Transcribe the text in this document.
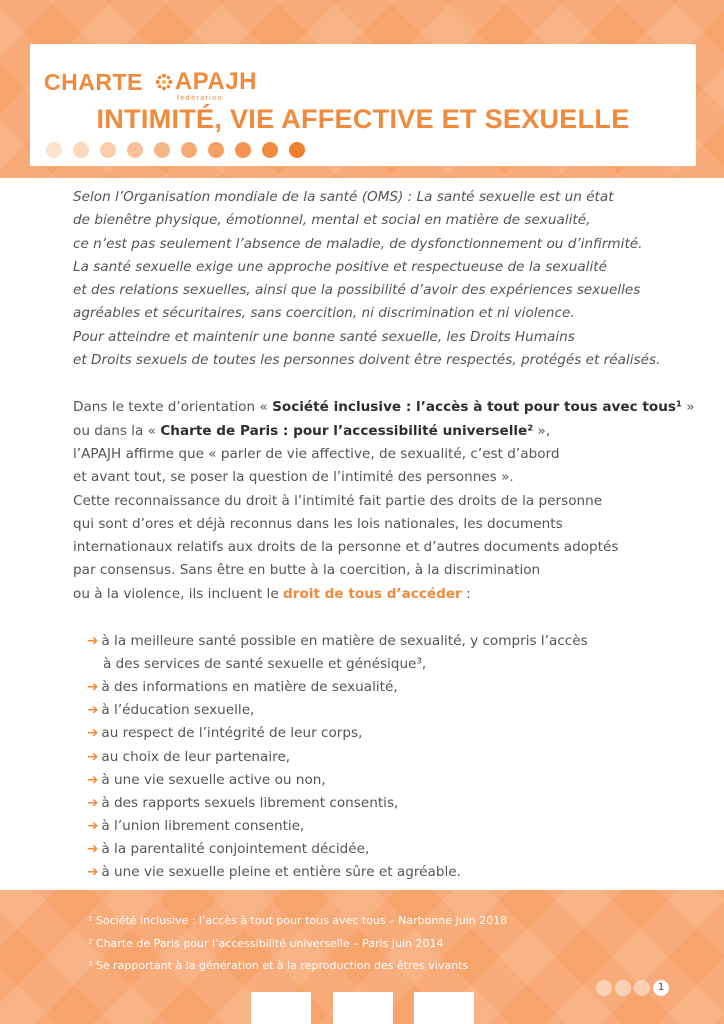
CHARTE APAJH
fédération
INTIMITÉ, VIE AFFECTIVE ET SEXUELLE

Selon l’Organisation mondiale de la santé (OMS) : La santé sexuelle est un état

de bienêtre physique, émotionnel, mental et social en matière de sexualité,

ce n’est pas seulement l’absence de maladie, de dysfonctionnement ou d’infirmité.

La santé sexuelle exige une approche positive et respectueuse de la sexualité

et des relations sexuelles, ainsi que la possibilité d’avoir des expériences sexuelles

agréables et sécuritaires, sans coercition, ni discrimination et ni violence.

Pour atteindre et maintenir une bonne santé sexuelle, les Droits Humains

et Droits sexuels de toutes les personnes doivent être respectés, protégés et réalisés.

Dans le texte d’orientation « Société inclusive : l’accès à tout pour tous avec tous¹ »

ou dans la « Charte de Paris : pour l’accessibilité universelle² »,

l’APAJH affirme que « parler de vie affective, de sexualité, c’est d’abord

et avant tout, se poser la question de l’intimité des personnes ».

Cette reconnaissance du droit à l’intimité fait partie des droits de la personne

qui sont d’ores et déjà reconnus dans les lois nationales, les documents

internationaux relatifs aux droits de la personne et d’autres documents adoptés

par consensus. Sans être en butte à la coercition, à la discrimination

ou à la violence, ils incluent le droit de tous d’accéder :

➔ à la meilleure santé possible en matière de sexualité, y compris l’accès
à des services de santé sexuelle et génésique³,
➔ à des informations en matière de sexualité,
➔ à l’éducation sexuelle,
➔ au respect de l’intégrité de leur corps,
➔ au choix de leur partenaire,
➔ à une vie sexuelle active ou non,
➔ à des rapports sexuels librement consentis,
➔ à l’union librement consentie,
➔ à la parentalité conjointement décidée,
➔ à une vie sexuelle pleine et entière sûre et agréable.

¹ Société inclusive : l’accès à tout pour tous avec tous – Narbonne Juin 2018

² Charte de Paris pour l’accessibilité universelle – Paris Juin 2014

³ Se rapportant à la génération et à la reproduction des êtres vivants

1
